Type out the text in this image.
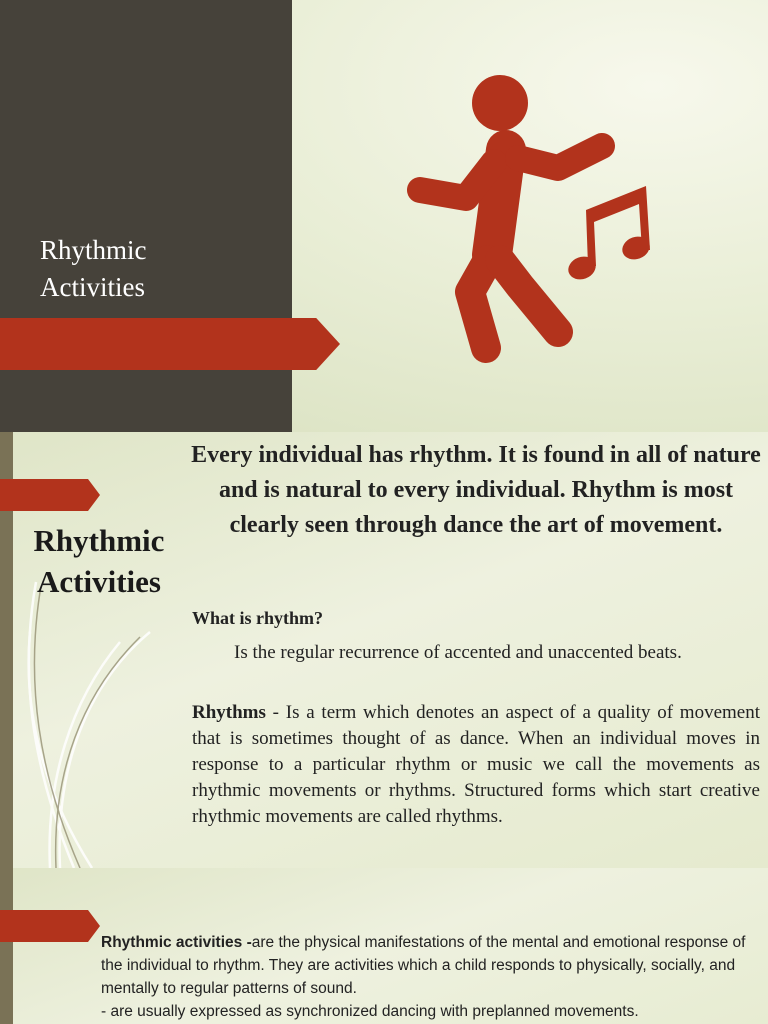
Rhythmic
Activities
Rhythmic
Activities
Every individual has rhythm. It is found in all of nature and is natural to every individual. Rhythm is most clearly seen through dance the art of movement.
What is rhythm?
Is the regular recurrence of accented and unaccented beats.
Rhythms - Is a term which denotes an aspect of a quality of movement that is sometimes thought of as dance. When an individual moves in response to a particular rhythm or music we call the movements as rhythmic movements or rhythms. Structured forms which start creative rhythmic movements are called rhythms.
Rhythmic activities -are the physical manifestations of the mental and emotional response of the individual to rhythm. They are activities which a child responds to physically, socially, and mentally to regular patterns of sound.
- are usually expressed as synchronized dancing with preplanned movements.
